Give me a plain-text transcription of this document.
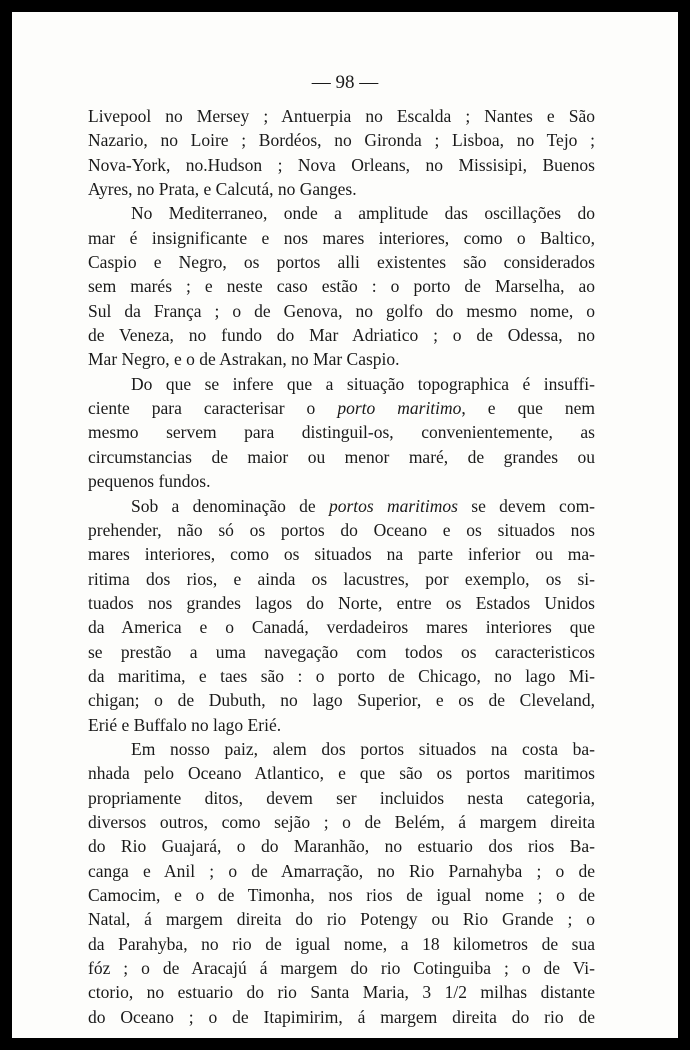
— 98 —

Livepool no Mersey ; Antuerpia no Escalda ; Nantes e São
Nazario, no Loire ; Bordéos, no Gironda ; Lisboa, no Tejo ;
Nova-York, no.Hudson ; Nova Orleans, no Missisipi, Buenos
Ayres, no Prata, e Calcutá, no Ganges.
No Mediterraneo, onde a amplitude das oscillações do
mar é insignificante e nos mares interiores, como o Baltico,
Caspio e Negro, os portos alli existentes são considerados
sem marés ; e neste caso estão : o porto de Marselha, ao
Sul da França ; o de Genova, no golfo do mesmo nome, o
de Veneza, no fundo do Mar Adriatico ; o de Odessa, no
Mar Negro, e o de Astrakan, no Mar Caspio.
Do que se infere que a situação topographica é insuffi-
ciente para caracterisar o porto maritimo, e que nem
mesmo servem para distinguil-os, convenientemente, as
circumstancias de maior ou menor maré, de grandes ou
pequenos fundos.
Sob a denominação de portos maritimos se devem com-
prehender, não só os portos do Oceano e os situados nos
mares interiores, como os situados na parte inferior ou ma-
ritima dos rios, e ainda os lacustres, por exemplo, os si-
tuados nos grandes lagos do Norte, entre os Estados Unidos
da America e o Canadá, verdadeiros mares interiores que
se prestão a uma navegação com todos os caracteristicos
da maritima, e taes são : o porto de Chicago, no lago Mi-
chigan; o de Dubuth, no lago Superior, e os de Cleveland,
Erié e Buffalo no lago Erié.
Em nosso paiz, alem dos portos situados na costa ba-
nhada pelo Oceano Atlantico, e que são os portos maritimos
propriamente ditos, devem ser incluidos nesta categoria,
diversos outros, como sejão ; o de Belém, á margem direita
do Rio Guajará, o do Maranhão, no estuario dos rios Ba-
canga e Anil ; o de Amarração, no Rio Parnahyba ; o de
Camocim, e o de Timonha, nos rios de igual nome ; o de
Natal, á margem direita do rio Potengy ou Rio Grande ; o
da Parahyba, no rio de igual nome, a 18 kilometros de sua
fóz ; o de Aracajú á margem do rio Cotinguiba ; o de Vi-
ctorio, no estuario do rio Santa Maria, 3 1/2 milhas distante
do Oceano ; o de Itapimirim, á margem direita do rio de
